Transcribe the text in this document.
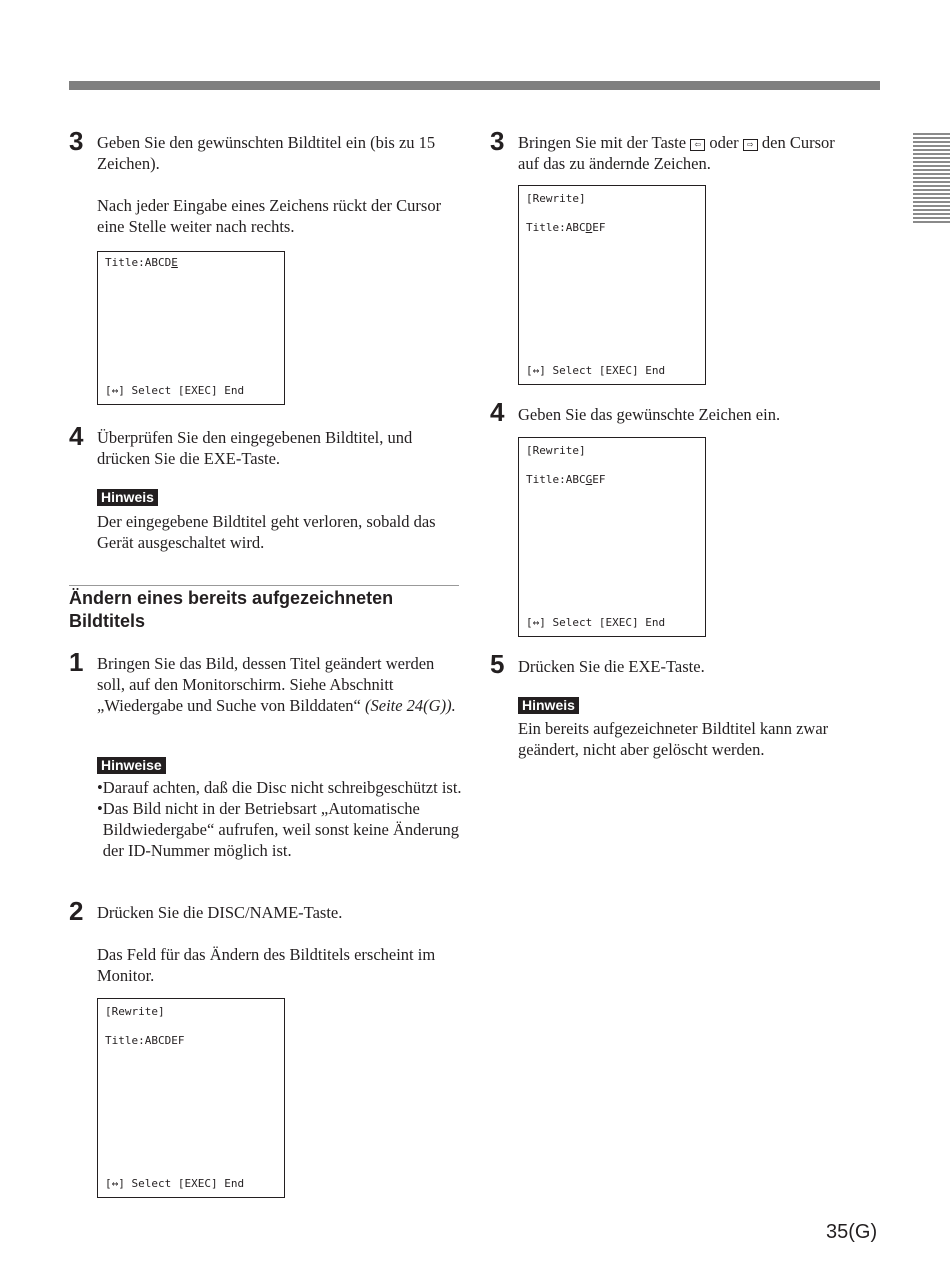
3 Geben Sie den gewünschten Bildtitel ein (bis zu 15 Zeichen).

Nach jeder Eingabe eines Zeichens rückt der Cursor eine Stelle weiter nach rechts.

Title:ABCDE
[↔] Select [EXEC] End
4 Überprüfen Sie den eingegebenen Bildtitel, und drücken Sie die EXE-Taste.
Hinweis
Der eingegebene Bildtitel geht verloren, sobald das Gerät ausgeschaltet wird.
Ändern eines bereits aufgezeichneten Bildtitels
1 Bringen Sie das Bild, dessen Titel geändert werden soll, auf den Monitorschirm. Siehe Abschnitt „Wiedergabe und Suche von Bilddaten“ (Seite 24(G)).
Hinweise
• Darauf achten, daß die Disc nicht schreibgeschützt ist.
• Das Bild nicht in der Betriebsart „Automatische Bildwiedergabe“ aufrufen, weil sonst keine Änderung der ID-Nummer möglich ist.
2 Drücken Sie die DISC/NAME-Taste.

Das Feld für das Ändern des Bildtitels erscheint im Monitor.

[Rewrite]
Title:ABCDEF
[↔] Select [EXEC] End
3 Bringen Sie mit der Taste ⇦ oder ⇨ den Cursor
auf das zu ändernde Zeichen.
[Rewrite]
Title:ABCDEF
[↔] Select [EXEC] End
4 Geben Sie das gewünschte Zeichen ein.
[Rewrite]
Title:ABCGEF
[↔] Select [EXEC] End
5 Drücken Sie die EXE-Taste.
Hinweis
Ein bereits aufgezeichneter Bildtitel kann zwar geändert, nicht aber gelöscht werden.
35(G)
